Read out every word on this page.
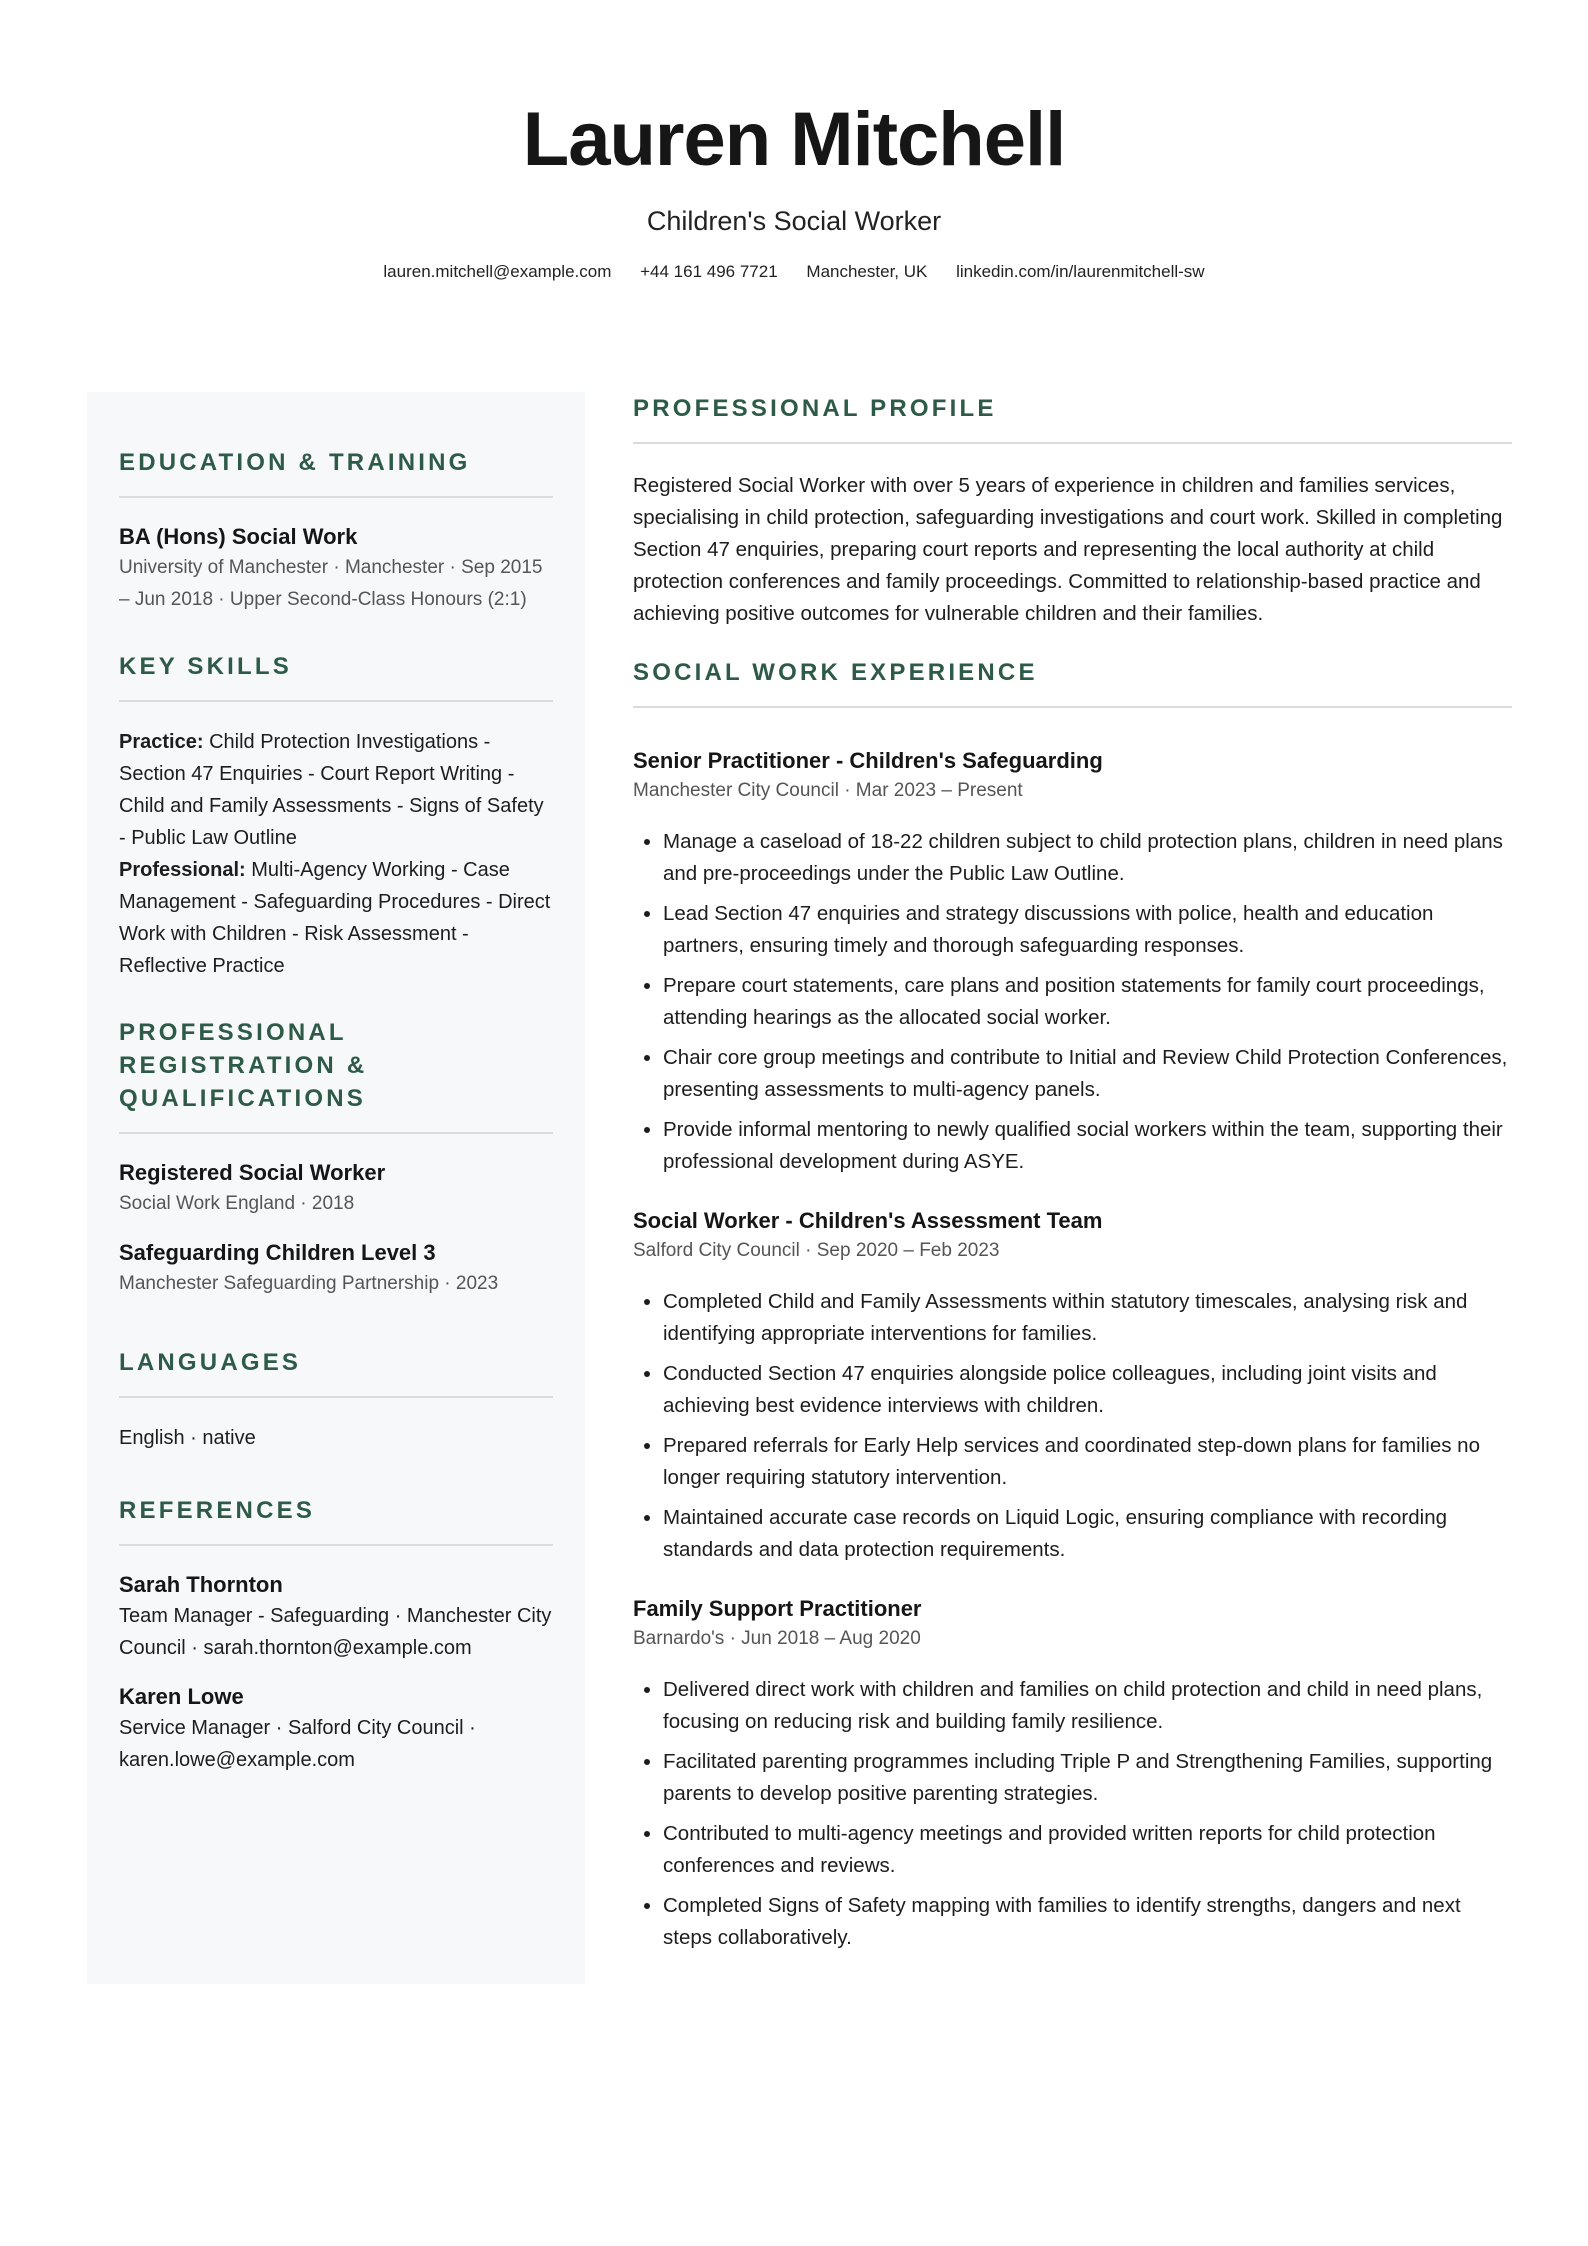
Lauren Mitchell
Children's Social Worker
lauren.mitchell@example.com +44 161 496 7721 Manchester, UK linkedin.com/in/laurenmitchell-sw
EDUCATION & TRAINING
BA (Hons) Social Work
University of Manchester · Manchester · Sep 2015 – Jun 2018 · Upper Second-Class Honours (2:1)
KEY SKILLS
Practice: Child Protection Investigations - Section 47 Enquiries - Court Report Writing - Child and Family Assessments - Signs of Safety - Public Law Outline
Professional: Multi-Agency Working - Case Management - Safeguarding Procedures - Direct Work with Children - Risk Assessment - Reflective Practice
PROFESSIONAL REGISTRATION & QUALIFICATIONS
Registered Social Worker
Social Work England · 2018
Safeguarding Children Level 3
Manchester Safeguarding Partnership · 2023
LANGUAGES
English · native
REFERENCES
Sarah Thornton
Team Manager - Safeguarding · Manchester City Council · sarah.thornton@example.com
Karen Lowe
Service Manager · Salford City Council · karen.lowe@example.com
PROFESSIONAL PROFILE

Registered Social Worker with over 5 years of experience in children and families services, specialising in child protection, safeguarding investigations and court work. Skilled in completing Section 47 enquiries, preparing court reports and representing the local authority at child protection conferences and family proceedings. Committed to relationship-based practice and achieving positive outcomes for vulnerable children and their families.

SOCIAL WORK EXPERIENCE
Senior Practitioner - Children's Safeguarding
Manchester City Council · Mar 2023 – Present
• Manage a caseload of 18-22 children subject to child protection plans, children in need plans and pre-proceedings under the Public Law Outline.
• Lead Section 47 enquiries and strategy discussions with police, health and education partners, ensuring timely and thorough safeguarding responses.
• Prepare court statements, care plans and position statements for family court proceedings, attending hearings as the allocated social worker.
• Chair core group meetings and contribute to Initial and Review Child Protection Conferences, presenting assessments to multi-agency panels.
• Provide informal mentoring to newly qualified social workers within the team, supporting their professional development during ASYE.
Social Worker - Children's Assessment Team
Salford City Council · Sep 2020 – Feb 2023
• Completed Child and Family Assessments within statutory timescales, analysing risk and identifying appropriate interventions for families.
• Conducted Section 47 enquiries alongside police colleagues, including joint visits and achieving best evidence interviews with children.
• Prepared referrals for Early Help services and coordinated step-down plans for families no longer requiring statutory intervention.
• Maintained accurate case records on Liquid Logic, ensuring compliance with recording standards and data protection requirements.
Family Support Practitioner
Barnardo's · Jun 2018 – Aug 2020
• Delivered direct work with children and families on child protection and child in need plans, focusing on reducing risk and building family resilience.
• Facilitated parenting programmes including Triple P and Strengthening Families, supporting parents to develop positive parenting strategies.
• Contributed to multi-agency meetings and provided written reports for child protection conferences and reviews.
• Completed Signs of Safety mapping with families to identify strengths, dangers and next steps collaboratively.
